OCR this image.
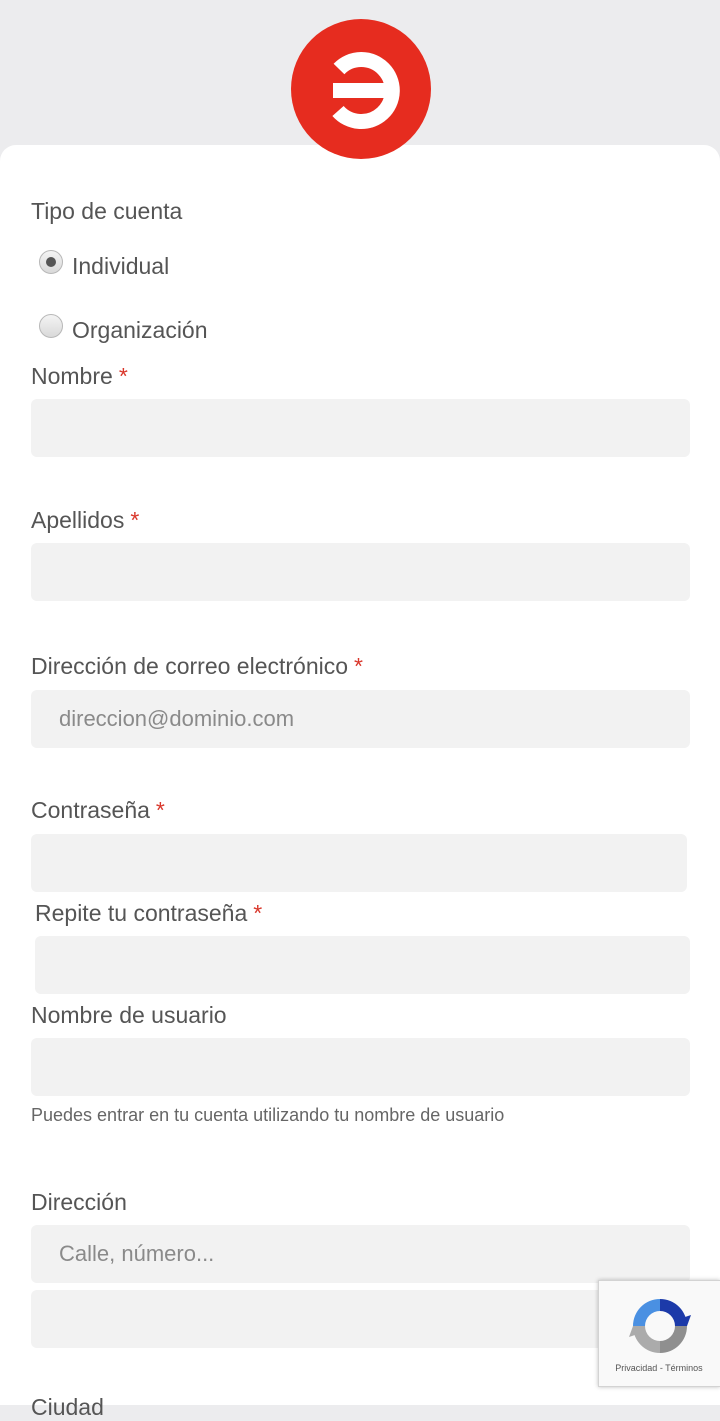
Tipo de cuenta
Individual
Organización
Nombre *
Apellidos *
Dirección de correo electrónico *
direccion@dominio.com
Contraseña *
Repite tu contraseña *
Nombre de usuario
Puedes entrar en tu cuenta utilizando tu nombre de usuario
Dirección
Calle, número...
Ciudad
Privacidad - Términos
